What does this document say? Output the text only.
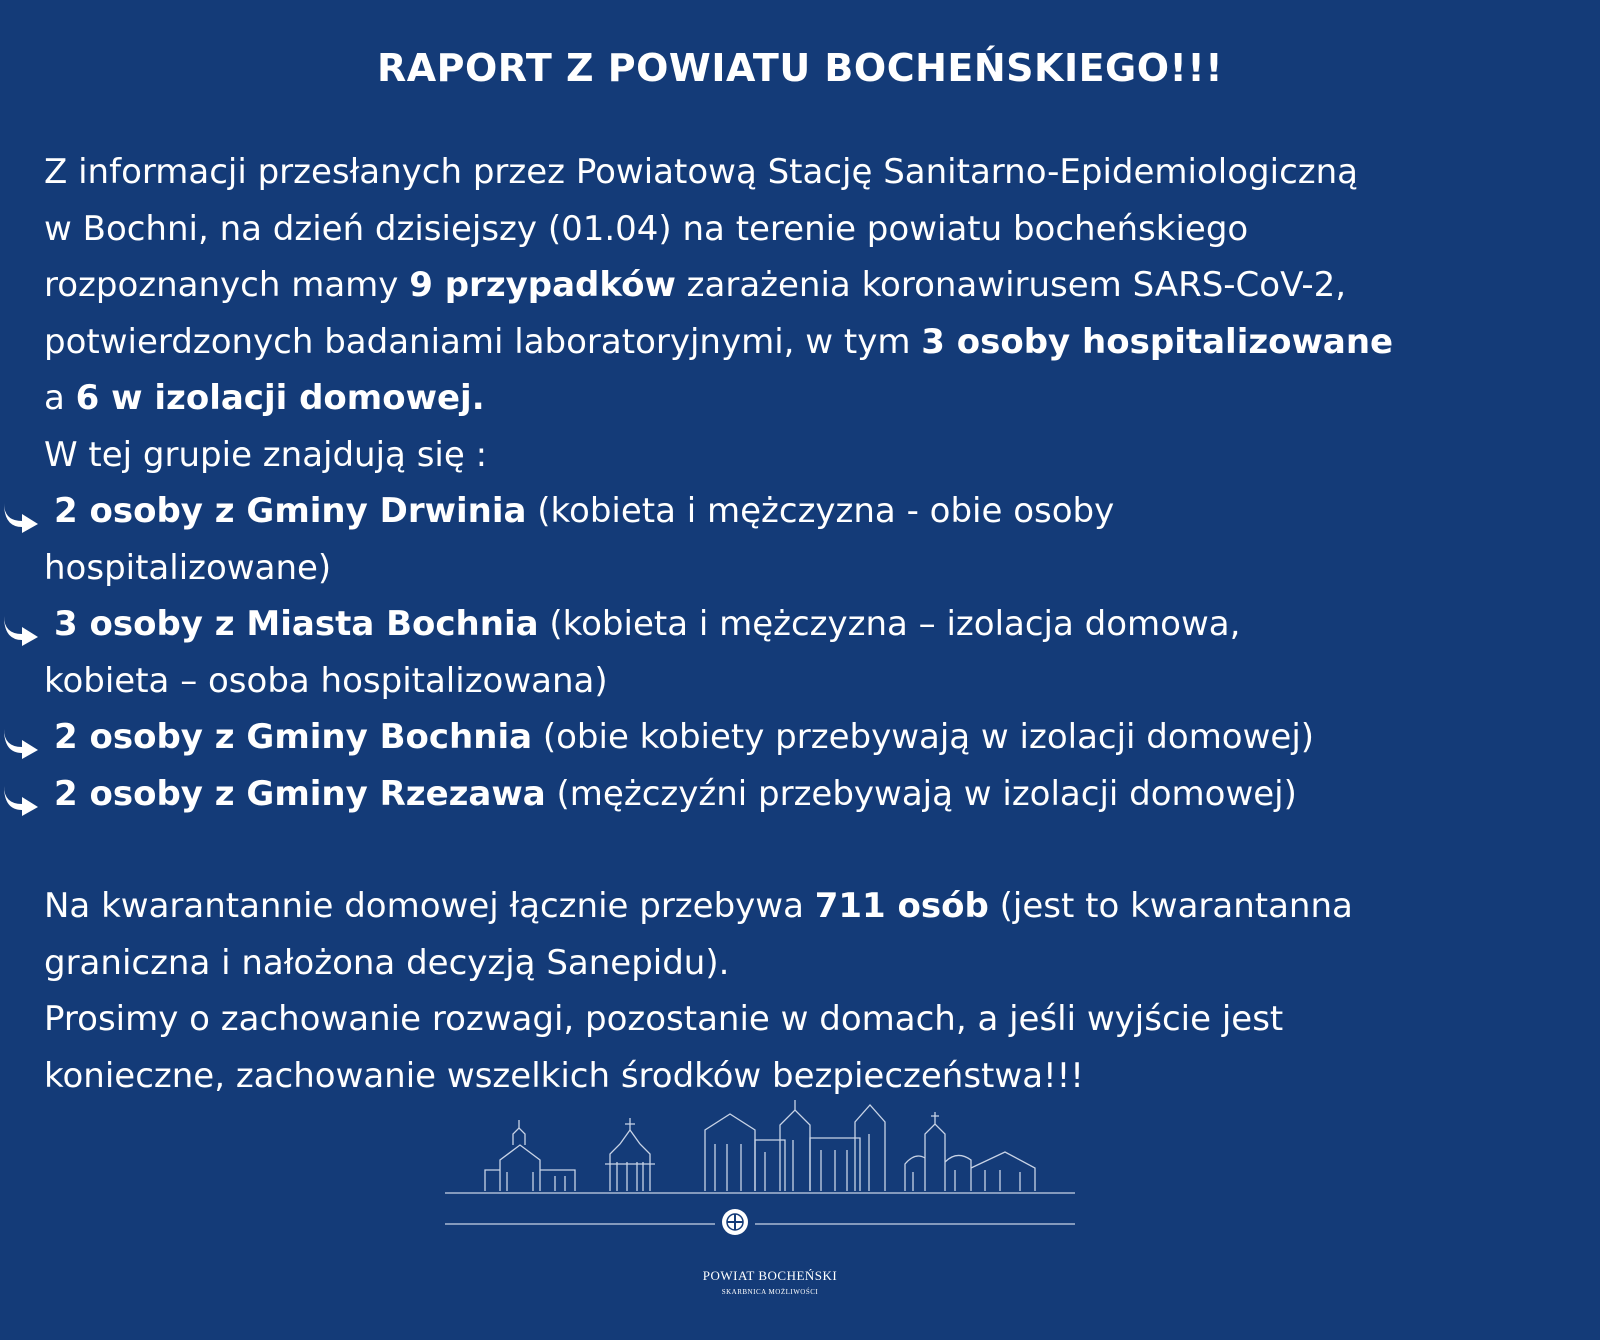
RAPORT Z POWIATU BOCHEŃSKIEGO!!!
Z informacji przesłanych przez Powiatową Stację Sanitarno-Epidemiologiczną
w Bochni, na dzień dzisiejszy (01.04) na terenie powiatu bocheńskiego
rozpoznanych mamy 9 przypadków zarażenia koronawirusem SARS-CoV-2,
potwierdzonych badaniami laboratoryjnymi, w tym 3 osoby hospitalizowane
a 6 w izolacji domowej.
W tej grupie znajdują się :
2 osoby z Gminy Drwinia (kobieta i mężczyzna - obie osoby
hospitalizowane)
3 osoby z Miasta Bochnia (kobieta i mężczyzna – izolacja domowa,
kobieta – osoba hospitalizowana)
2 osoby z Gminy Bochnia (obie kobiety przebywają w izolacji domowej)
2 osoby z Gminy Rzezawa (mężczyźni przebywają w izolacji domowej)
Na kwarantannie domowej łącznie przebywa 711 osób (jest to kwarantanna
graniczna i nałożona decyzją Sanepidu).
Prosimy o zachowanie rozwagi, pozostanie w domach, a jeśli wyjście jest
konieczne, zachowanie wszelkich środków bezpieczeństwa!!!
POWIAT BOCHEŃSKI
SKARBNICA MOŻLIWOŚCI
